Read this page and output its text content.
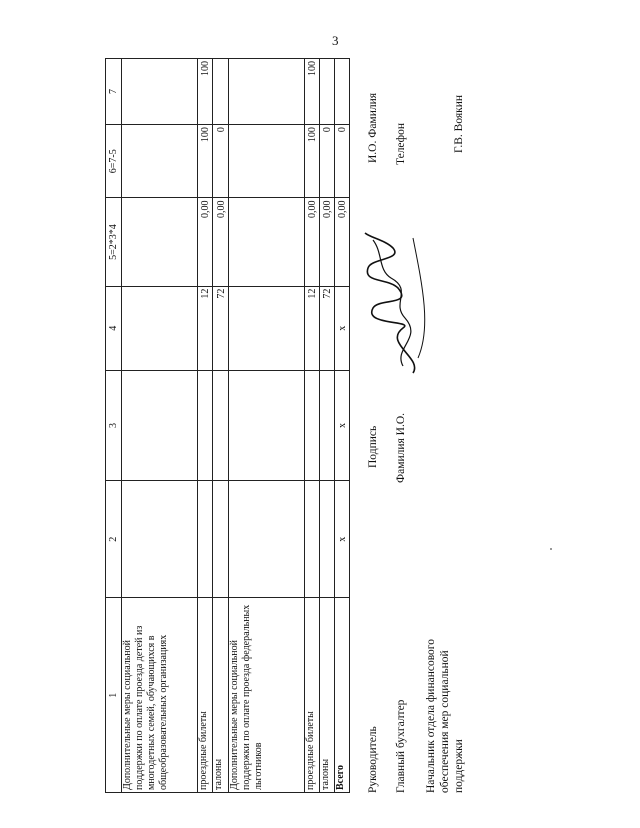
3
1	2	3	4	5=2*3*4	6=7-5	7
Дополнительные меры социальной поддержки по оплате проезда детей из многодетных семей, обучающихся в общеобразовательных организациях						
проездные билеты			12	0,00	100	100
талоны			72	0,00	0	
Дополнительные меры социальной поддержки по оплате проезда федеральных льготников						
проездные билеты			12	0,00	100	100
талоны			72	0,00	0	
Всего	x	x	x	0,00	0	
Руководитель
Подпись
И.О. Фамилия
Главный бухгалтер
Фамилия И.О.
Телефон
Начальник отдела финансового обеспечения мер социальной поддержки
Г.В. Воякин
